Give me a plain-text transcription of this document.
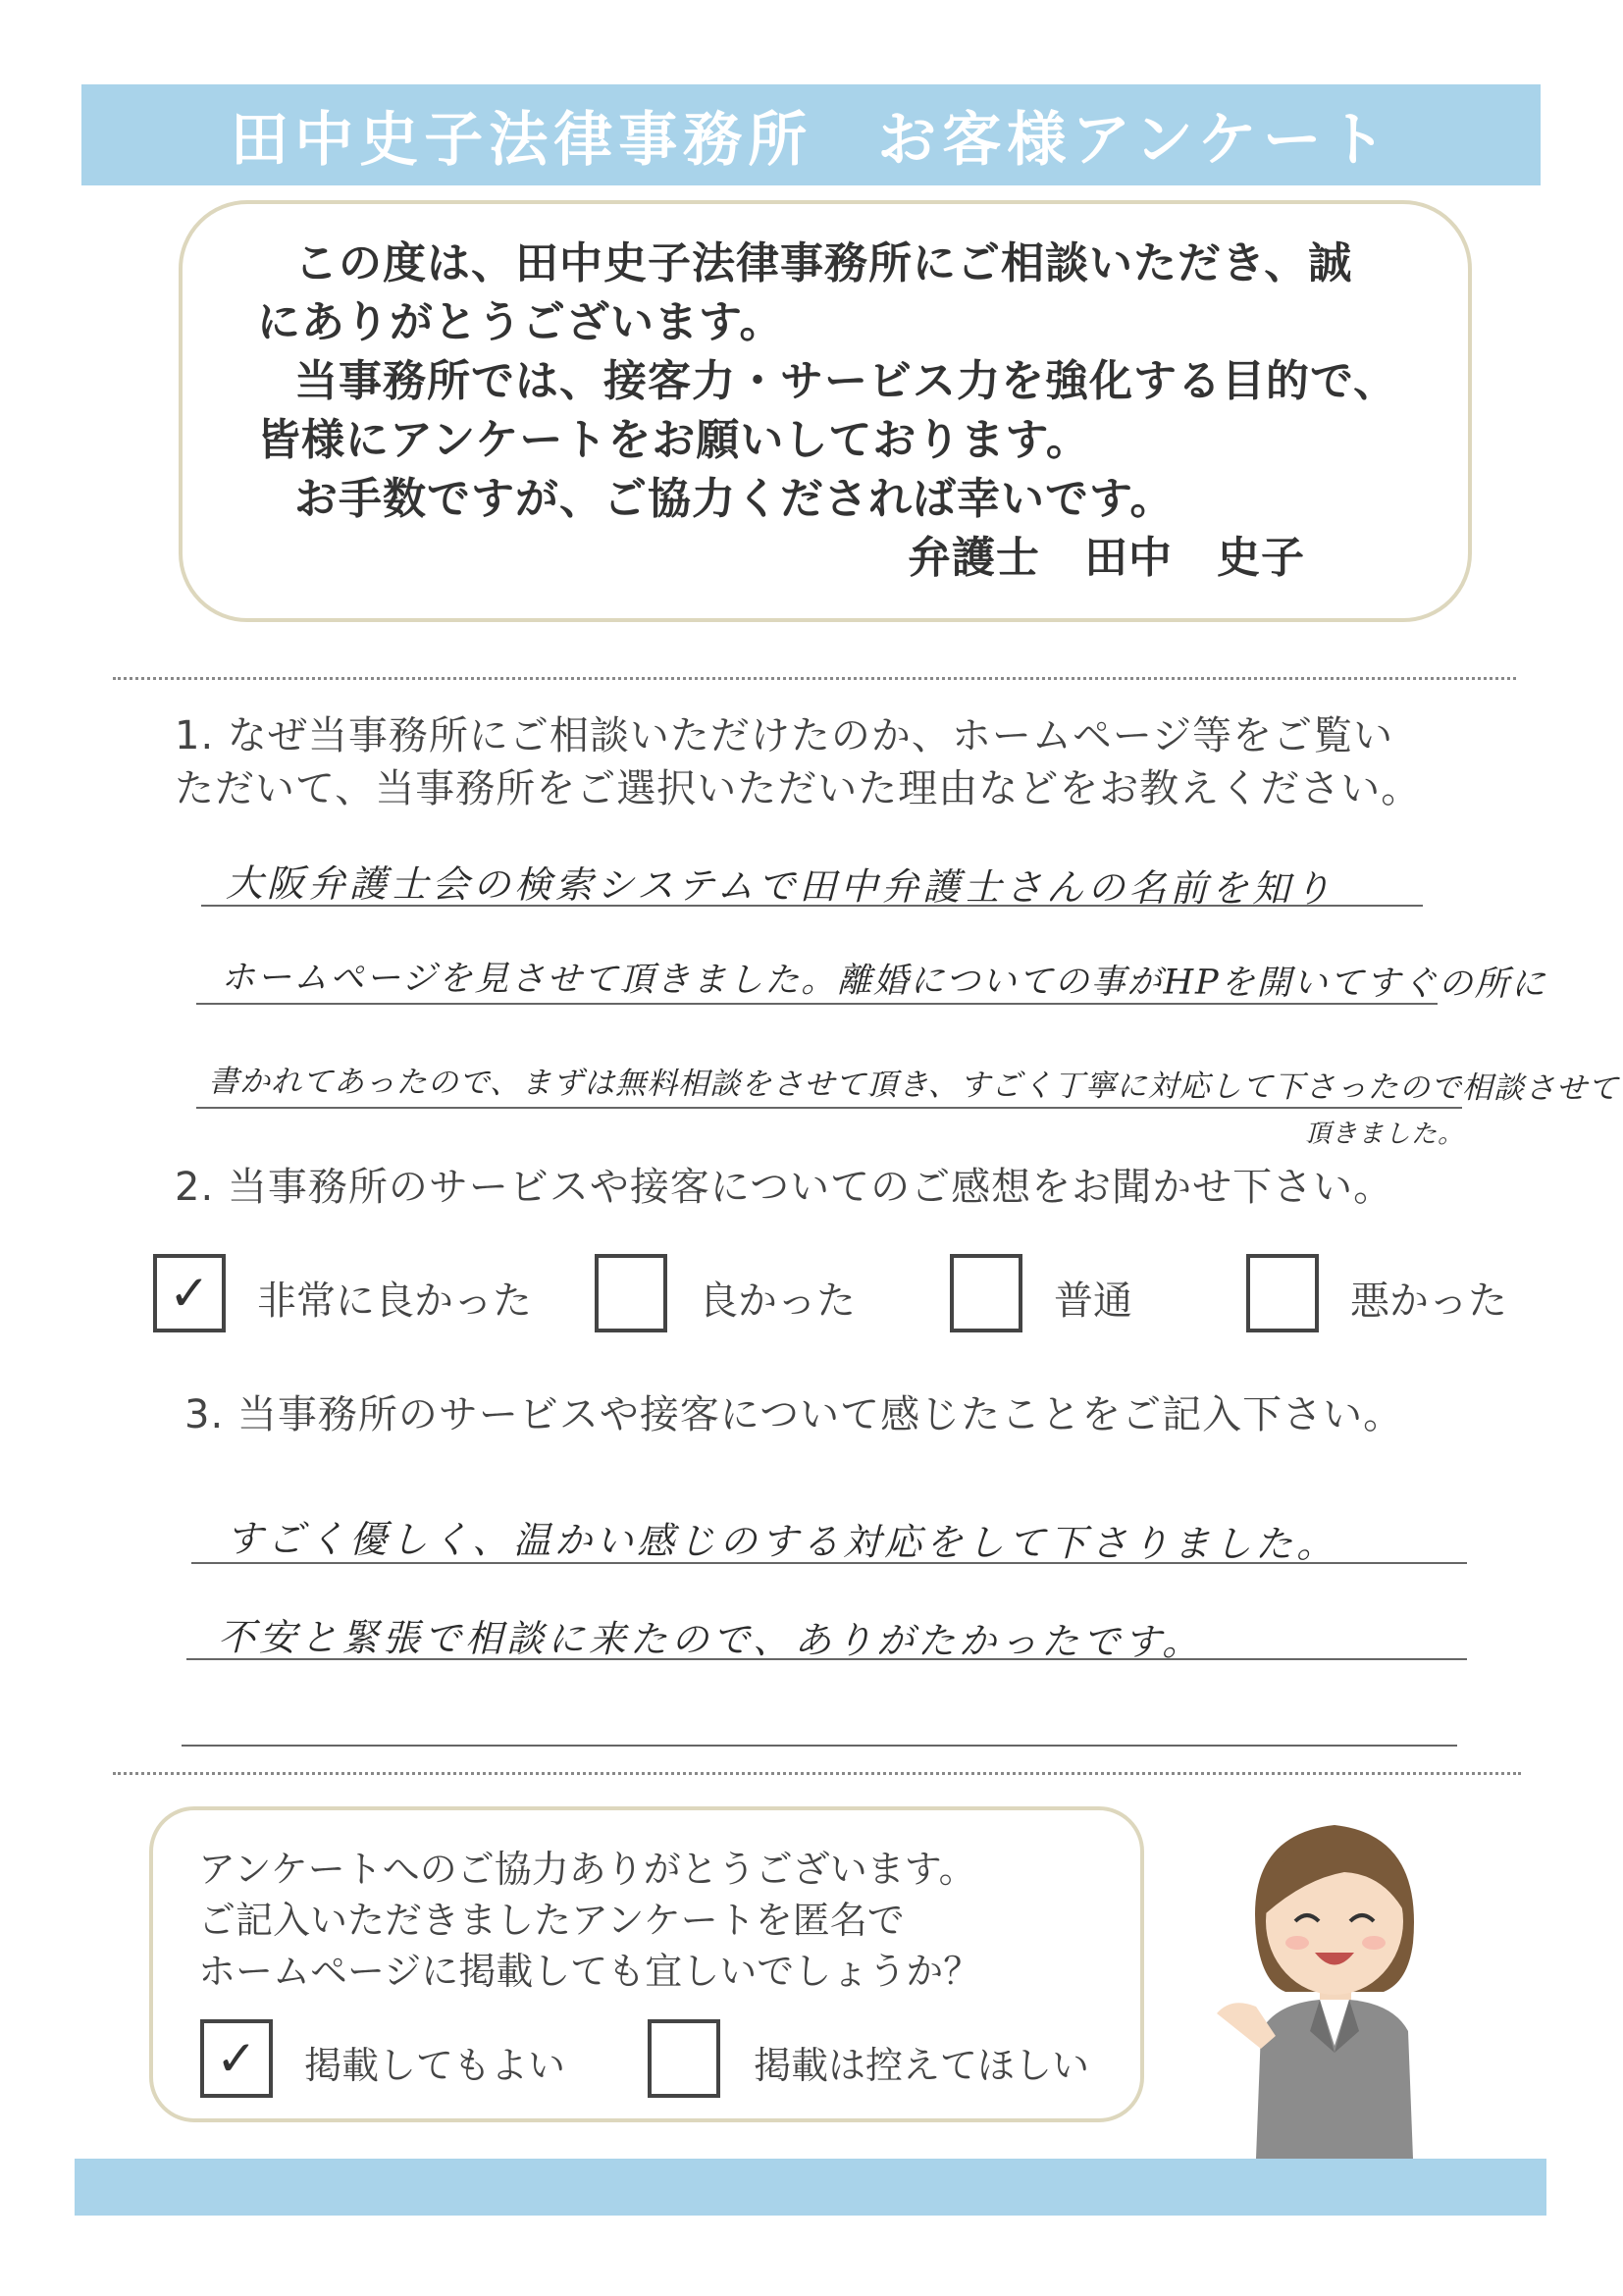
田中史子法律事務所　お客様アンケート
この度は、田中史子法律事務所にご相談いただき、誠
にありがとうございます。
当事務所では、接客力・サービス力を強化する目的で、
皆様にアンケートをお願いしております。
お手数ですが、ご協力くだされば幸いです。
弁護士　田中　史子
1. なぜ当事務所にご相談いただけたのか、ホームページ等をご覧い
ただいて、当事務所をご選択いただいた理由などをお教えください。
大阪弁護士会の検索システムで田中弁護士さんの名前を知り
ホームページを見させて頂きました。離婚についての事がHPを開いてすぐの所に
書かれてあったので、まずは無料相談をさせて頂き、すごく丁寧に対応して下さったので相談させて
頂きました。
2. 当事務所のサービスや接客についてのご感想をお聞かせ下さい。
✓	非常に良かった	良かった	普通	悪かった
3. 当事務所のサービスや接客について感じたことをご記入下さい。
すごく優しく、温かい感じのする対応をして下さりました。
不安と緊張で相談に来たので、ありがたかったです。
アンケートへのご協力ありがとうございます。
ご記入いただきましたアンケートを匿名で
ホームページに掲載しても宜しいでしょうか？
✓	掲載してもよい	掲載は控えてほしい
